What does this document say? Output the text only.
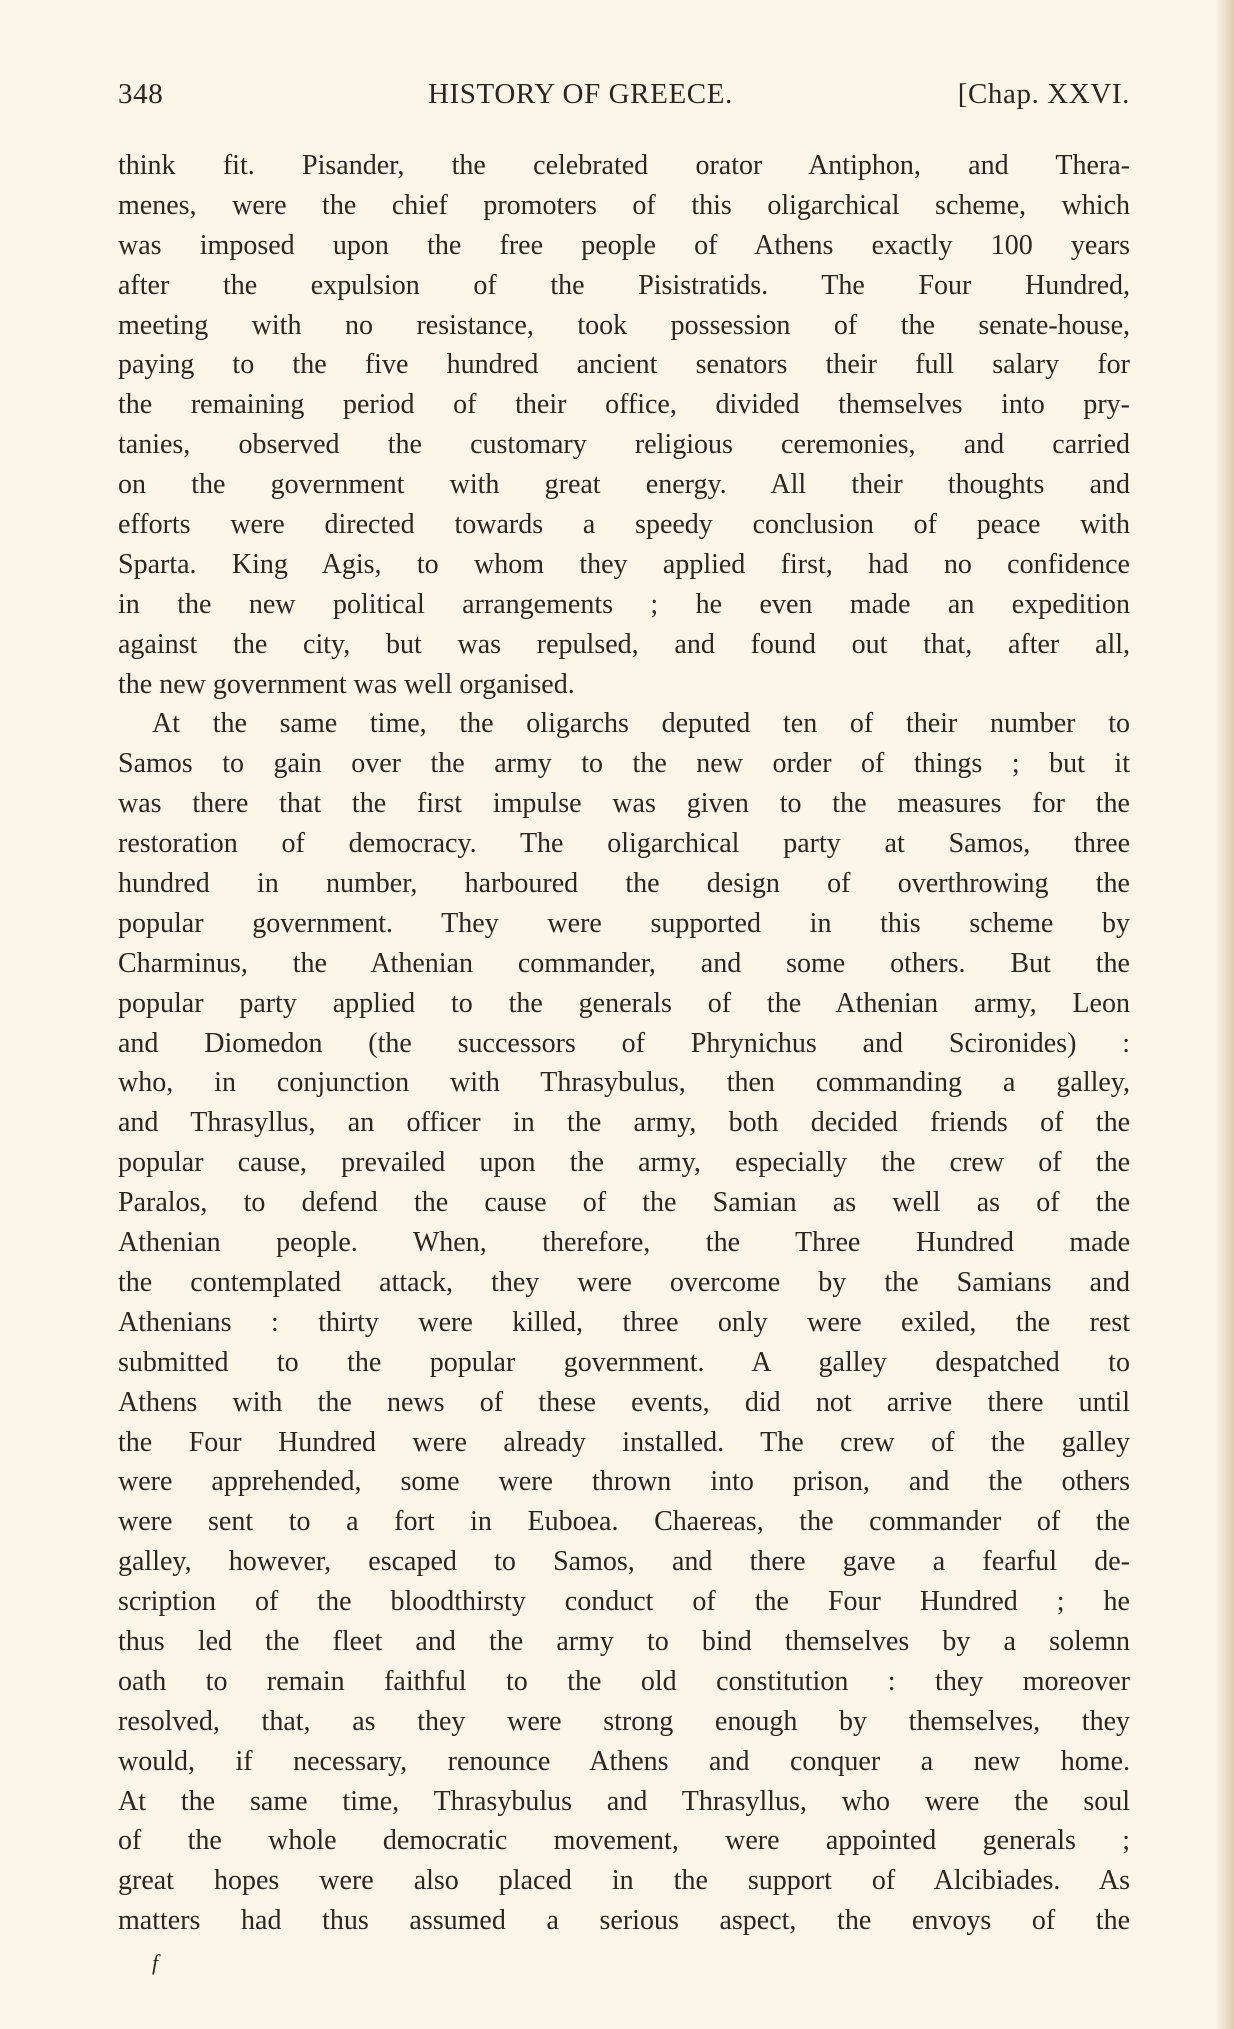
348	HISTORY OF GREECE.	[Chap. XXVI.
think fit. Pisander, the celebrated orator Antiphon, and Thera-
menes, were the chief promoters of this oligarchical scheme, which
was imposed upon the free people of Athens exactly 100 years
after the expulsion of the Pisistratids. The Four Hundred,
meeting with no resistance, took possession of the senate-house,
paying to the five hundred ancient senators their full salary for
the remaining period of their office, divided themselves into pry-
tanies, observed the customary religious ceremonies, and carried
on the government with great energy. All their thoughts and
efforts were directed towards a speedy conclusion of peace with
Sparta. King Agis, to whom they applied first, had no confidence
in the new political arrangements ; he even made an expedition
against the city, but was repulsed, and found out that, after all,
the new government was well organised.
At the same time, the oligarchs deputed ten of their number to
Samos to gain over the army to the new order of things ; but it
was there that the first impulse was given to the measures for the
restoration of democracy. The oligarchical party at Samos, three
hundred in number, harboured the design of overthrowing the
popular government. They were supported in this scheme by
Charminus, the Athenian commander, and some others. But the
popular party applied to the generals of the Athenian army, Leon
and Diomedon (the successors of Phrynichus and Scironides) :
who, in conjunction with Thrasybulus, then commanding a galley,
and Thrasyllus, an officer in the army, both decided friends of the
popular cause, prevailed upon the army, especially the crew of the
Paralos, to defend the cause of the Samian as well as of the
Athenian people. When, therefore, the Three Hundred made
the contemplated attack, they were overcome by the Samians and
Athenians : thirty were killed, three only were exiled, the rest
submitted to the popular government. A galley despatched to
Athens with the news of these events, did not arrive there until
the Four Hundred were already installed. The crew of the galley
were apprehended, some were thrown into prison, and the others
were sent to a fort in Euboea. Chaereas, the commander of the
galley, however, escaped to Samos, and there gave a fearful de-
scription of the bloodthirsty conduct of the Four Hundred ; he
thus led the fleet and the army to bind themselves by a solemn
oath to remain faithful to the old constitution : they moreover
resolved, that, as they were strong enough by themselves, they
would, if necessary, renounce Athens and conquer a new home.
At the same time, Thrasybulus and Thrasyllus, who were the soul
of the whole democratic movement, were appointed generals ;
great hopes were also placed in the support of Alcibiades. As
matters had thus assumed a serious aspect, the envoys of the
f
